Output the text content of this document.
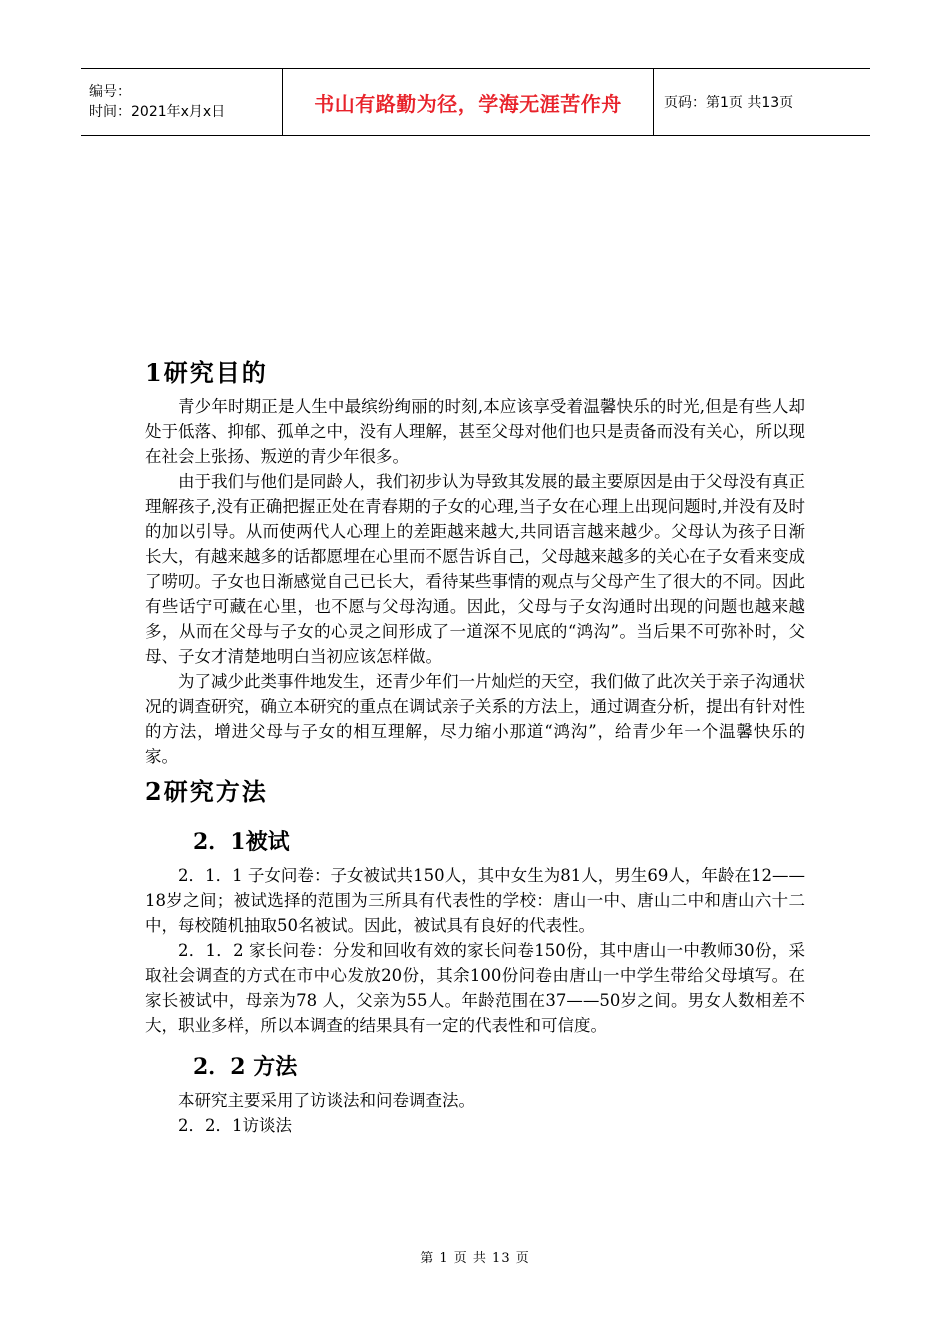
编号：
时间：2021年x月x日	书山有路勤为径，学海无涯苦作舟	页码：第1页 共13页
1研究目的

青少年时期正是人生中最缤纷绚丽的时刻,本应该享受着温馨快乐的时光,但是有些人却处于低落、抑郁、孤单之中，没有人理解，甚至父母对他们也只是责备而没有关心，所以现在社会上张扬、叛逆的青少年很多。

由于我们与他们是同龄人，我们初步认为导致其发展的最主要原因是由于父母没有真正理解孩子,没有正确把握正处在青春期的子女的心理,当子女在心理上出现问题时,并没有及时的加以引导。从而使两代人心理上的差距越来越大,共同语言越来越少。父母认为孩子日渐长大，有越来越多的话都愿埋在心里而不愿告诉自己，父母越来越多的关心在子女看来变成了唠叨。子女也日渐感觉自己已长大，看待某些事情的观点与父母产生了很大的不同。因此有些话宁可藏在心里，也不愿与父母沟通。因此，父母与子女沟通时出现的问题也越来越多，从而在父母与子女的心灵之间形成了一道深不见底的“鸿沟”。当后果不可弥补时，父母、子女才清楚地明白当初应该怎样做。

为了减少此类事件地发生，还青少年们一片灿烂的天空，我们做了此次关于亲子沟通状况的调查研究，确立本研究的重点在调试亲子关系的方法上，通过调查分析，提出有针对性的方法，增进父母与子女的相互理解，尽力缩小那道“鸿沟”，给青少年一个温馨快乐的家。

2研究方法
2．1被试

2．1．1 子女问卷：子女被试共150人，其中女生为81人，男生69人，年龄在12——18岁之间；被试选择的范围为三所具有代表性的学校：唐山一中、唐山二中和唐山六十二中，每校随机抽取50名被试。因此，被试具有良好的代表性。

2．1．2 家长问卷：分发和回收有效的家长问卷150份，其中唐山一中教师30份，采取社会调查的方式在市中心发放20份，其余100份问卷由唐山一中学生带给父母填写。在家长被试中，母亲为78 人，父亲为55人。年龄范围在37——50岁之间。男女人数相差不大，职业多样，所以本调查的结果具有一定的代表性和可信度。

2．2 方法

本研究主要采用了访谈法和问卷调查法。

2．2．1访谈法

第 1 页 共 13 页
